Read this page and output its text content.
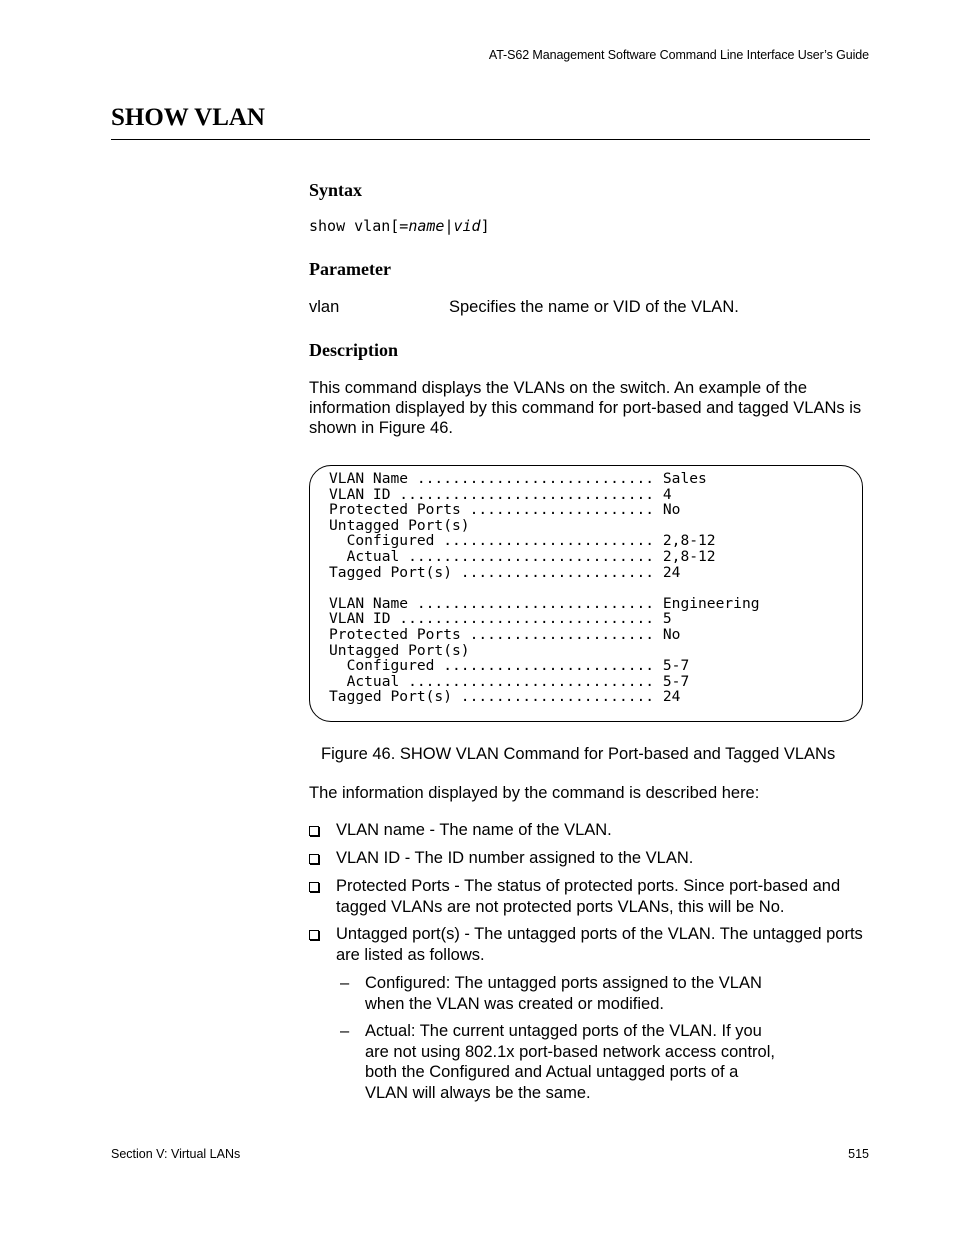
AT-S62 Management Software Command Line Interface User’s Guide
SHOW VLAN
Syntax
show vlan[=name|vid]
Parameter
vlan	Specifies the name or VID of the VLAN.
Description
This command displays the VLANs on the switch. An example of the information displayed by this command for port-based and tagged VLANs is shown in Figure 46.
VLAN Name ........................... Sales
VLAN ID ............................. 4
Protected Ports ..................... No
Untagged Port(s)
Configured ........................ 2,8-12
Actual ............................ 2,8-12
Tagged Port(s) ...................... 24

VLAN Name ........................... Engineering
VLAN ID ............................. 5
Protected Ports ..................... No
Untagged Port(s)
Configured ........................ 5-7
Actual ............................ 5-7
Tagged Port(s) ...................... 24
Figure 46. SHOW VLAN Command for Port-based and Tagged VLANs
The information displayed by the command is described here:
VLAN name - The name of the VLAN.
VLAN ID - The ID number assigned to the VLAN.
Protected Ports - The status of protected ports. Since port-based and tagged VLANs are not protected ports VLANs, this will be No.
Untagged port(s) - The untagged ports of the VLAN. The untagged ports are listed as follows.
– Configured: The untagged ports assigned to the VLAN when the VLAN was created or modified.
– Actual: The current untagged ports of the VLAN. If you are not using 802.1x port-based network access control, both the Configured and Actual untagged ports of a VLAN will always be the same.
Section V: Virtual LANs	515
